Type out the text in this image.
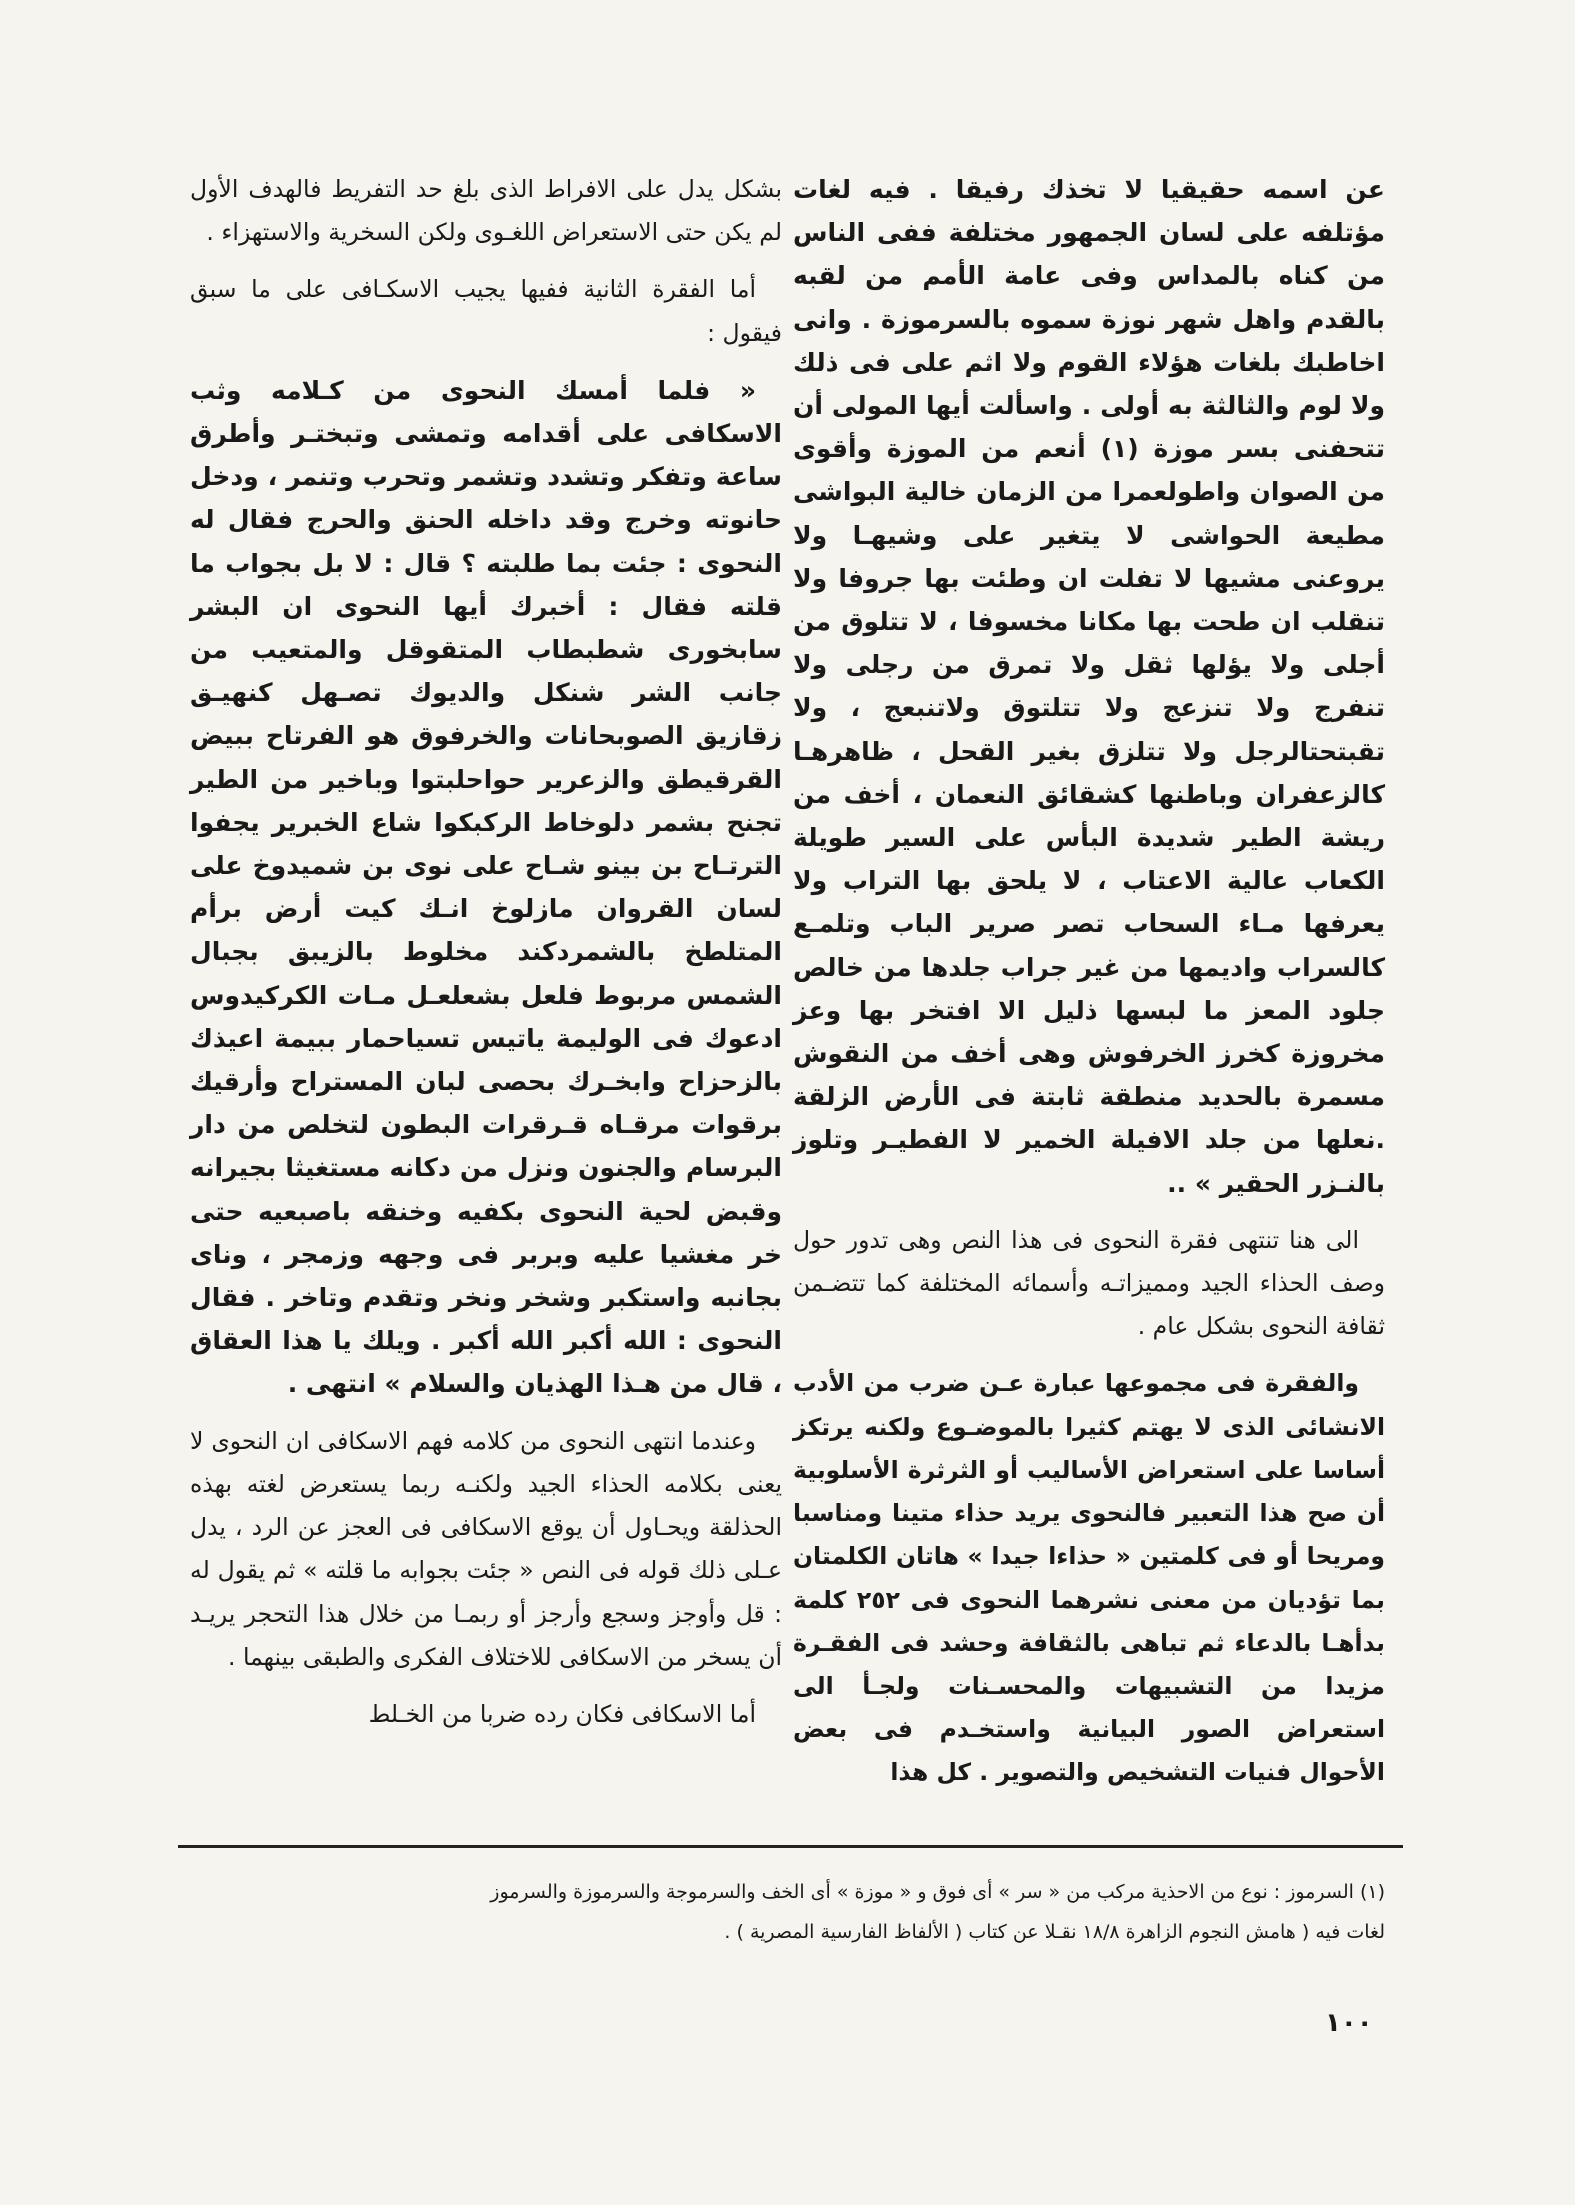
عن اسمه حقيقيا لا تخذك رفيقا . فيه لغات مؤتلفه على لسان الجمهور مختلفة ففى الناس من كناه بالمداس وفى عامة الأمم من لقبه بالقدم واهل شهر نوزة سموه بالسرموزة . وانى اخاطبك بلغات هؤلاء القوم ولا اثم على فى ذلك ولا لوم والثالثة به أولى . واسألت أيها المولى أن تتحفنى بسر موزة (١) أنعم من الموزة وأقوى من الصوان واطولعمرا من الزمان خالية البواشى مطيعة الحواشى لا يتغير على وشيهـا ولا يروعنى مشيها لا تفلت ان وطئت بها جروفا ولا تنقلب ان طحت بها مكانا مخسوفا ، لا تتلوق من أجلى ولا يؤلها ثقل ولا تمرق من رجلى ولا تنفرج ولا تنزعج ولا تتلتوق ولاتنبعج ، ولا تقبتحتالرجل ولا تتلزق بغير القحل ، ظاهرهـا كالزعفران وباطنها كشقائق النعمان ، أخف من ريشة الطير شديدة البأس على السير طويلة الكعاب عالية الاعتاب ، لا يلحق بها التراب ولا يعرفها مـاء السحاب تصر صرير الباب وتلمـع كالسراب واديمها من غير جراب جلدها من خالص جلود المعز ما لبسها ذليل الا افتخر بها وعز مخروزة كخرز الخرفوش وهى أخف من النقوش مسمرة بالحديد منطقة ثابتة فى الأرض الزلقة .نعلها من جلد الافيلة الخمير لا الفطيـر وتلوز بالنـزر الحقير » ..

الى هنا تنتهى فقرة النحوى فى هذا النص وهى تدور حول وصف الحذاء الجيد ومميزاتـه وأسمائه المختلفة كما تتضـمن ثقافة النحوى بشكل عام .

والفقرة فى مجموعها عبارة عـن ضرب من الأدب الانشائى الذى لا يهتم كثيرا بالموضـوع ولكنه يرتكز أساسا على استعراض الأساليب أو الثرثرة الأسلوبية أن صح هذا التعبير فالنحوى يريد حذاء متينا ومناسبا ومريحا أو فى كلمتين « حذاءا جيدا » هاتان الكلمتان بما تؤديان من معنى نشرهما النحوى فى ٢٥٢ كلمة بدأهـا بالدعاء ثم تباهى بالثقافة وحشد فى الفقـرة مزيدا من التشبيهات والمحسـنات ولجـأ الى استعراض الصور البيانية واستخـدم فى بعض الأحوال فنيات التشخيص والتصوير . كل هذا

بشكل يدل على الافراط الذى بلغ حد التفريط فالهدف الأول لم يكن حتى الاستعراض اللغـوى ولكن السخرية والاستهزاء .

أما الفقرة الثانية ففيها يجيب الاسكـافى على ما سبق فيقول :

« فلما أمسك النحوى من كـلامه وثب الاسكافى على أقدامه وتمشى وتبختـر وأطرق ساعة وتفكر وتشدد وتشمر وتحرب وتنمر ، ودخل حانوته وخرج وقد داخله الحنق والحرج فقال له النحوى : جئت بما طلبته ؟ قال : لا بل بجواب ما قلته فقال : أخبرك أيها النحوى ان البشر سابخورى شطبطاب المتقوقل والمتعيب من جانب الشر شنكل والديوك تصـهل كنهيـق زقازيق الصوبحانات والخرفوق هو الفرتاح ببيض القرقيطق والزعرير حواحلبتوا وباخير من الطير تجنح بشمر دلوخاط الركبكوا شاع الخبرير يجفوا الترتـاح بن بينو شـاح على نوى بن شميدوخ على لسان القروان مازلوخ انـك كيت أرض برأم المتلطخ بالشمردكند مخلوط بالزيبق بجبال الشمس مربوط فلعل بشعلعـل مـات الكركيدوس ادعوك فى الوليمة ياتيس تسياحمار ببيمة اعيذك بالزحزاح وابخـرك بحصى لبان المستراح وأرقيك برقوات مرقـاه قـرقرات البطون لتخلص من دار البرسام والجنون ونزل من دكانه مستغيثا بجيرانه وقبض لحية النحوى بكفيه وخنقه باصبعيه حتى خر مغشيا عليه وبربر فى وجهه وزمجر ، وناى بجانبه واستكبر وشخر ونخر وتقدم وتاخر . فقال النحوى : الله أكبر الله أكبر . ويلك يا هذا العقاق ، قال من هـذا الهذيان والسلام » انتهى .

وعندما انتهى النحوى من كلامه فهم الاسكافى ان النحوى لا يعنى بكلامه الحذاء الجيد ولكنـه ربما يستعرض لغته بهذه الحذلقة ويحـاول أن يوقع الاسكافى فى العجز عن الرد ، يدل عـلى ذلك قوله فى النص « جئت بجوابه ما قلته » ثم يقول له : قل وأوجز وسجع وأرجز أو ربمـا من خلال هذا التحجر يريـد أن يسخر من الاسكافى للاختلاف الفكرى والطبقى بينهما .

أما الاسكافى فكان رده ضربا من الخـلط

(١) السرموز : نوع من الاحذية مركب من « سر » أى فوق و « موزة » أى الخف والسرموجة والسرموزة والسرموز

لغات فيه ( هامش النجوم الزاهرة ١٨/٨ نقـلا عن كتاب ( الألفاظ الفارسية المصرية ) .

١٠٠
